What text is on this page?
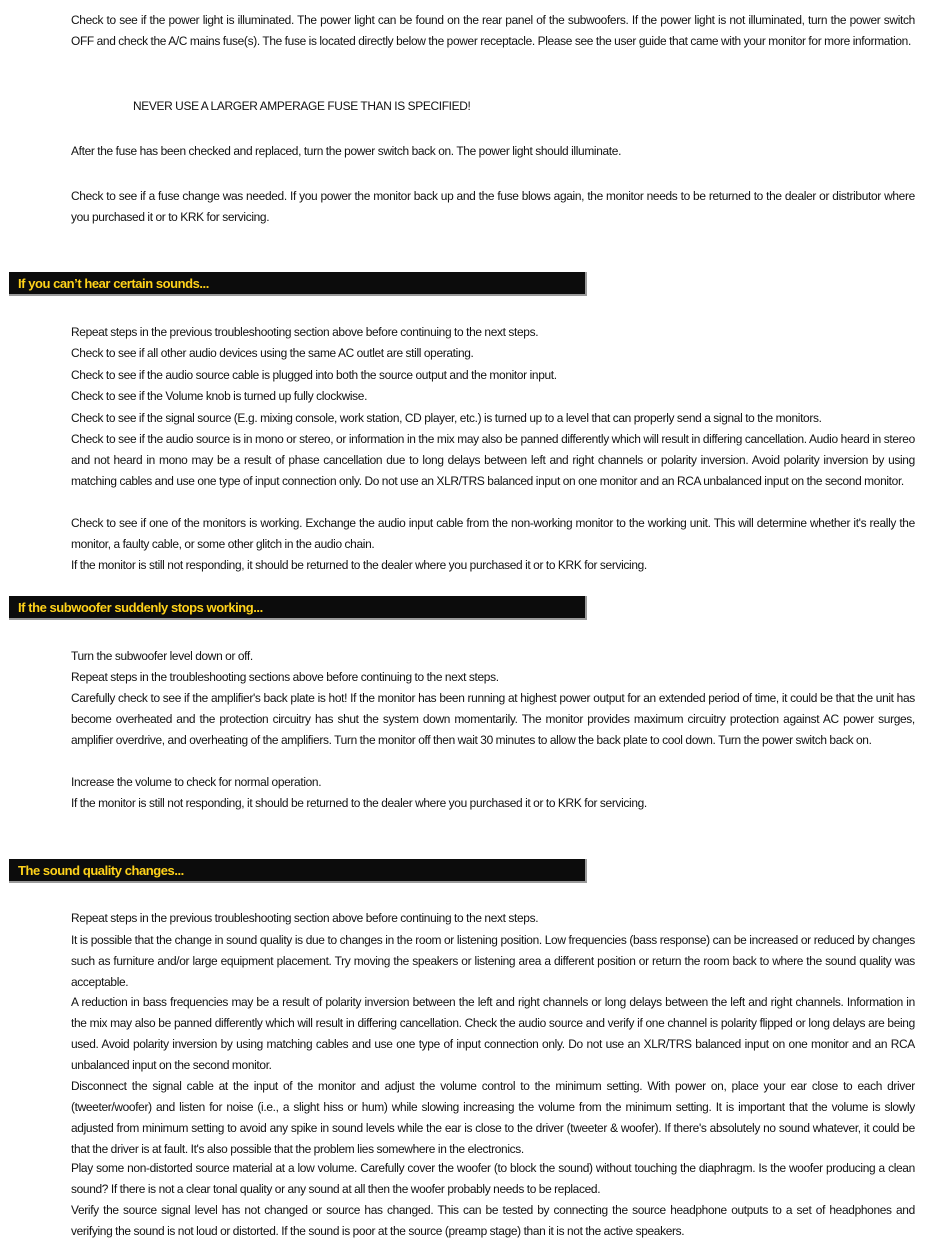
Check to see if the power light is illuminated. The power light can be found on the rear panel of the subwoofers. If the power light is not illuminated, turn the power switch OFF and check the A/C mains fuse(s). The fuse is located directly below the power receptacle. Please see the user guide that came with your monitor for more information.
NEVER USE A LARGER AMPERAGE FUSE THAN IS SPECIFIED!
After the fuse has been checked and replaced, turn the power switch back on. The power light should illuminate.
Check to see if a fuse change was needed. If you power the monitor back up and the fuse blows again, the monitor needs to be returned to the dealer or distributor where you purchased it or to KRK for servicing.
If you can’t hear certain sounds...
Repeat steps in the previous troubleshooting section above before continuing to the next steps.
Check to see if all other audio devices using the same AC outlet are still operating.
Check to see if the audio source cable is plugged into both the source output and the monitor input.
Check to see if the Volume knob is turned up fully clockwise.
Check to see if the signal source (E.g. mixing console, work station, CD player, etc.) is turned up to a level that can properly send a signal to the monitors.
Check to see if the audio source is in mono or stereo, or information in the mix may also be panned differently which will result in differing cancellation. Audio heard in stereo and not heard in mono may be a result of phase cancellation due to long delays between left and right channels or polarity inversion. Avoid polarity inversion by using matching cables and use one type of input connection only. Do not use an XLR/TRS balanced input on one monitor and an RCA unbalanced input on the second monitor.
Check to see if one of the monitors is working. Exchange the audio input cable from the non-working monitor to the working unit. This will determine whether it's really the monitor, a faulty cable, or some other glitch in the audio chain.
If the monitor is still not responding, it should be returned to the dealer where you purchased it or to KRK for servicing.
If the subwoofer suddenly stops working...
Turn the subwoofer level down or off.
Repeat steps in the troubleshooting sections above before continuing to the next steps.
Carefully check to see if the amplifier's back plate is hot! If the monitor has been running at highest power output for an extended period of time, it could be that the unit has become overheated and the protection circuitry has shut the system down momentarily. The monitor provides maximum circuitry protection against AC power surges, amplifier overdrive, and overheating of the amplifiers. Turn the monitor off then wait 30 minutes to allow the back plate to cool down. Turn the power switch back on.
Increase the volume to check for normal operation.
If the monitor is still not responding, it should be returned to the dealer where you purchased it or to KRK for servicing.
The sound quality changes...
Repeat steps in the previous troubleshooting section above before continuing to the next steps.
It is possible that the change in sound quality is due to changes in the room or listening position. Low frequencies (bass response) can be increased or reduced by changes such as furniture and/or large equipment placement. Try moving the speakers or listening area a different position or return the room back to where the sound quality was acceptable.
A reduction in bass frequencies may be a result of polarity inversion between the left and right channels or long delays between the left and right channels. Information in the mix may also be panned differently which will result in differing cancellation. Check the audio source and verify if one channel is polarity flipped or long delays are being used. Avoid polarity inversion by using matching cables and use one type of input connection only. Do not use an XLR/TRS balanced input on one monitor and an RCA unbalanced input on the second monitor.
Disconnect the signal cable at the input of the monitor and adjust the volume control to the minimum setting. With power on, place your ear close to each driver (tweeter/woofer) and listen for noise (i.e., a slight hiss or hum) while slowing increasing the volume from the minimum setting. It is important that the volume is slowly adjusted from minimum setting to avoid any spike in sound levels while the ear is close to the driver (tweeter & woofer). If there's absolutely no sound whatever, it could be that the driver is at fault. It's also possible that the problem lies somewhere in the electronics.
Play some non-distorted source material at a low volume. Carefully cover the woofer (to block the sound) without touching the diaphragm. Is the woofer producing a clean sound? If there is not a clear tonal quality or any sound at all then the woofer probably needs to be replaced.
Verify the source signal level has not changed or source has changed. This can be tested by connecting the source headphone outputs to a set of headphones and verifying the sound is not loud or distorted. If the sound is poor at the source (preamp stage) than it is not the active speakers.
